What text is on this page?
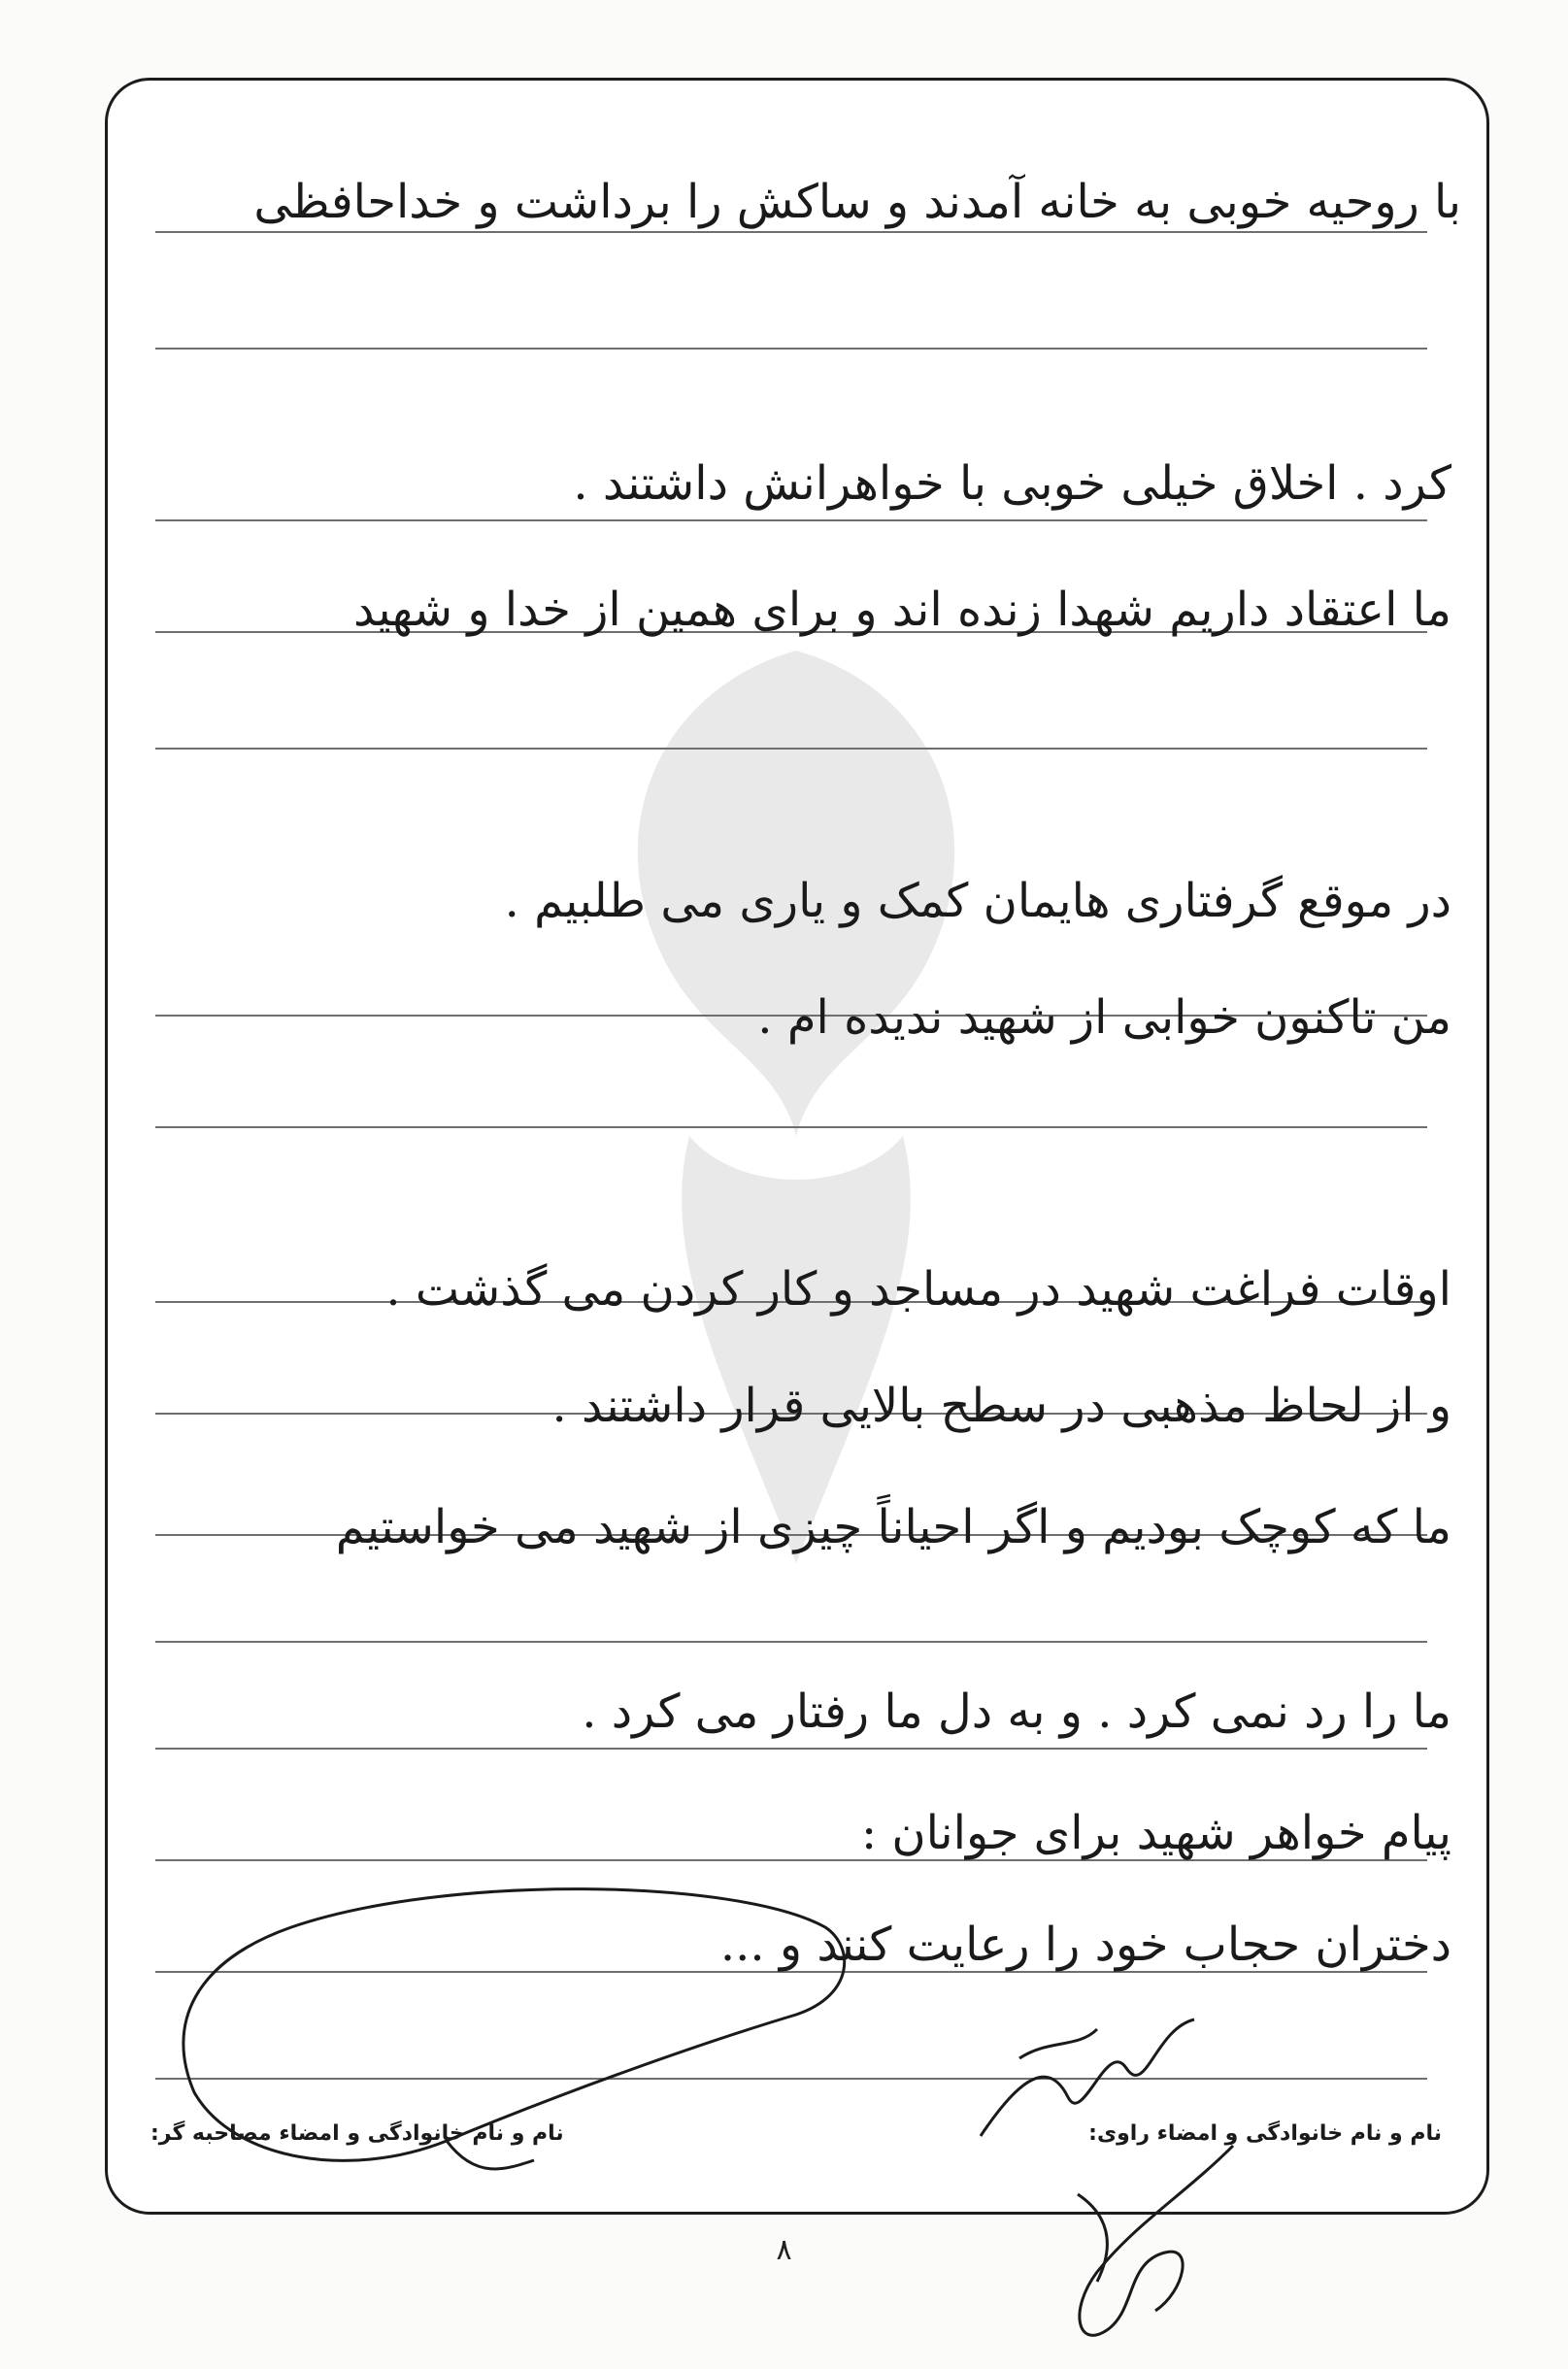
با روحیه خوبی به خانه آمدند و ساکش را برداشت و خداحافظی
کرد . اخلاق خیلی خوبی با خواهرانش داشتند .
ما اعتقاد داریم شهدا زنده اند و برای همین از خدا و شهید
در موقع گرفتاری هایمان کمک و یاری می طلبیم .
من تاکنون خوابی از شهید ندیده ام .
اوقات فراغت شهید در مساجد و کار کردن می گذشت .
و از لحاظ مذهبی در سطح بالایی قرار داشتند .
ما که کوچک بودیم و اگر احیاناً چیزی از شهید می خواستیم
ما را رد نمی کرد . و به دل ما رفتار می کرد .
پیام خواهر شهید برای جوانان :
دختران حجاب خود را رعایت کنند و ...
نام و نام خانوادگی و امضاء راوی:
نام و نام خانوادگی و امضاء مصاحبه گر:
۸
